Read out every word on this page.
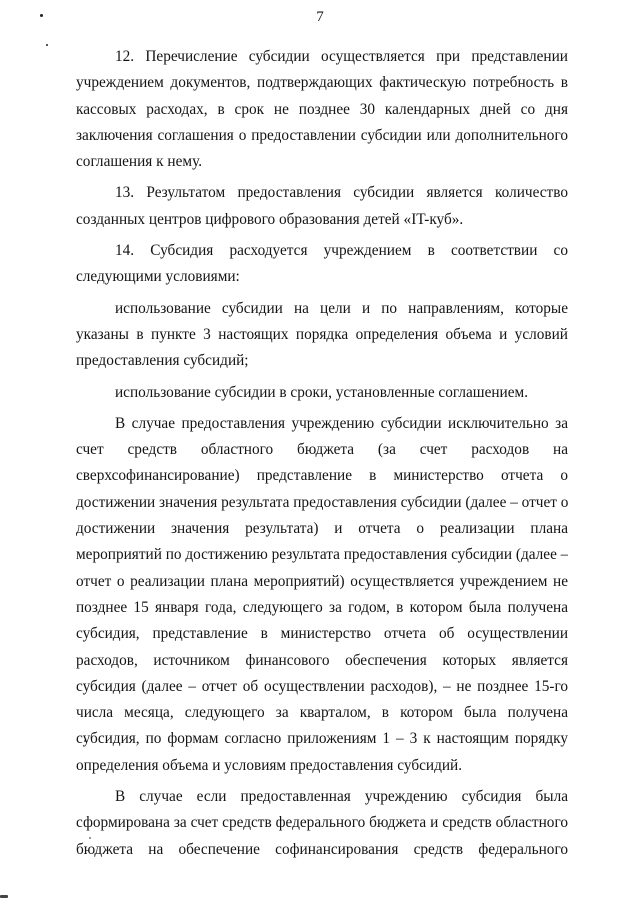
7
12. Перечисление субсидии осуществляется при представлении
учреждением документов, подтверждающих фактическую потребность в
кассовых расходах, в срок не позднее 30 календарных дней со дня
заключения соглашения о предоставлении субсидии или дополнительного
соглашения к нему.
13. Результатом предоставления субсидии является количество
созданных центров цифрового образования детей «IT-куб».
14. Субсидия расходуется учреждением в соответствии со
следующими условиями:
использование субсидии на цели и по направлениям, которые
указаны в пункте 3 настоящих порядка определения объема и условий
предоставления субсидий;
использование субсидии в сроки, установленные соглашением.
В случае предоставления учреждению субсидии исключительно за
счет средств областного бюджета (за счет расходов на
сверхсофинансирование) представление в министерство отчета о
достижении значения результата предоставления субсидии (далее – отчет о
достижении значения результата) и отчета о реализации плана
мероприятий по достижению результата предоставления субсидии (далее –
отчет о реализации плана мероприятий) осуществляется учреждением не
позднее 15 января года, следующего за годом, в котором была получена
субсидия, представление в министерство отчета об осуществлении
расходов, источником финансового обеспечения которых является
субсидия (далее – отчет об осуществлении расходов), – не позднее 15-го
числа месяца, следующего за кварталом, в котором была получена
субсидия, по формам согласно приложениям 1 – 3 к настоящим порядку
определения объема и условиям предоставления субсидий.
В случае если предоставленная учреждению субсидия была
сформирована за счет средств федерального бюджета и средств областного
бюджета на обеспечение софинансирования средств федерального
